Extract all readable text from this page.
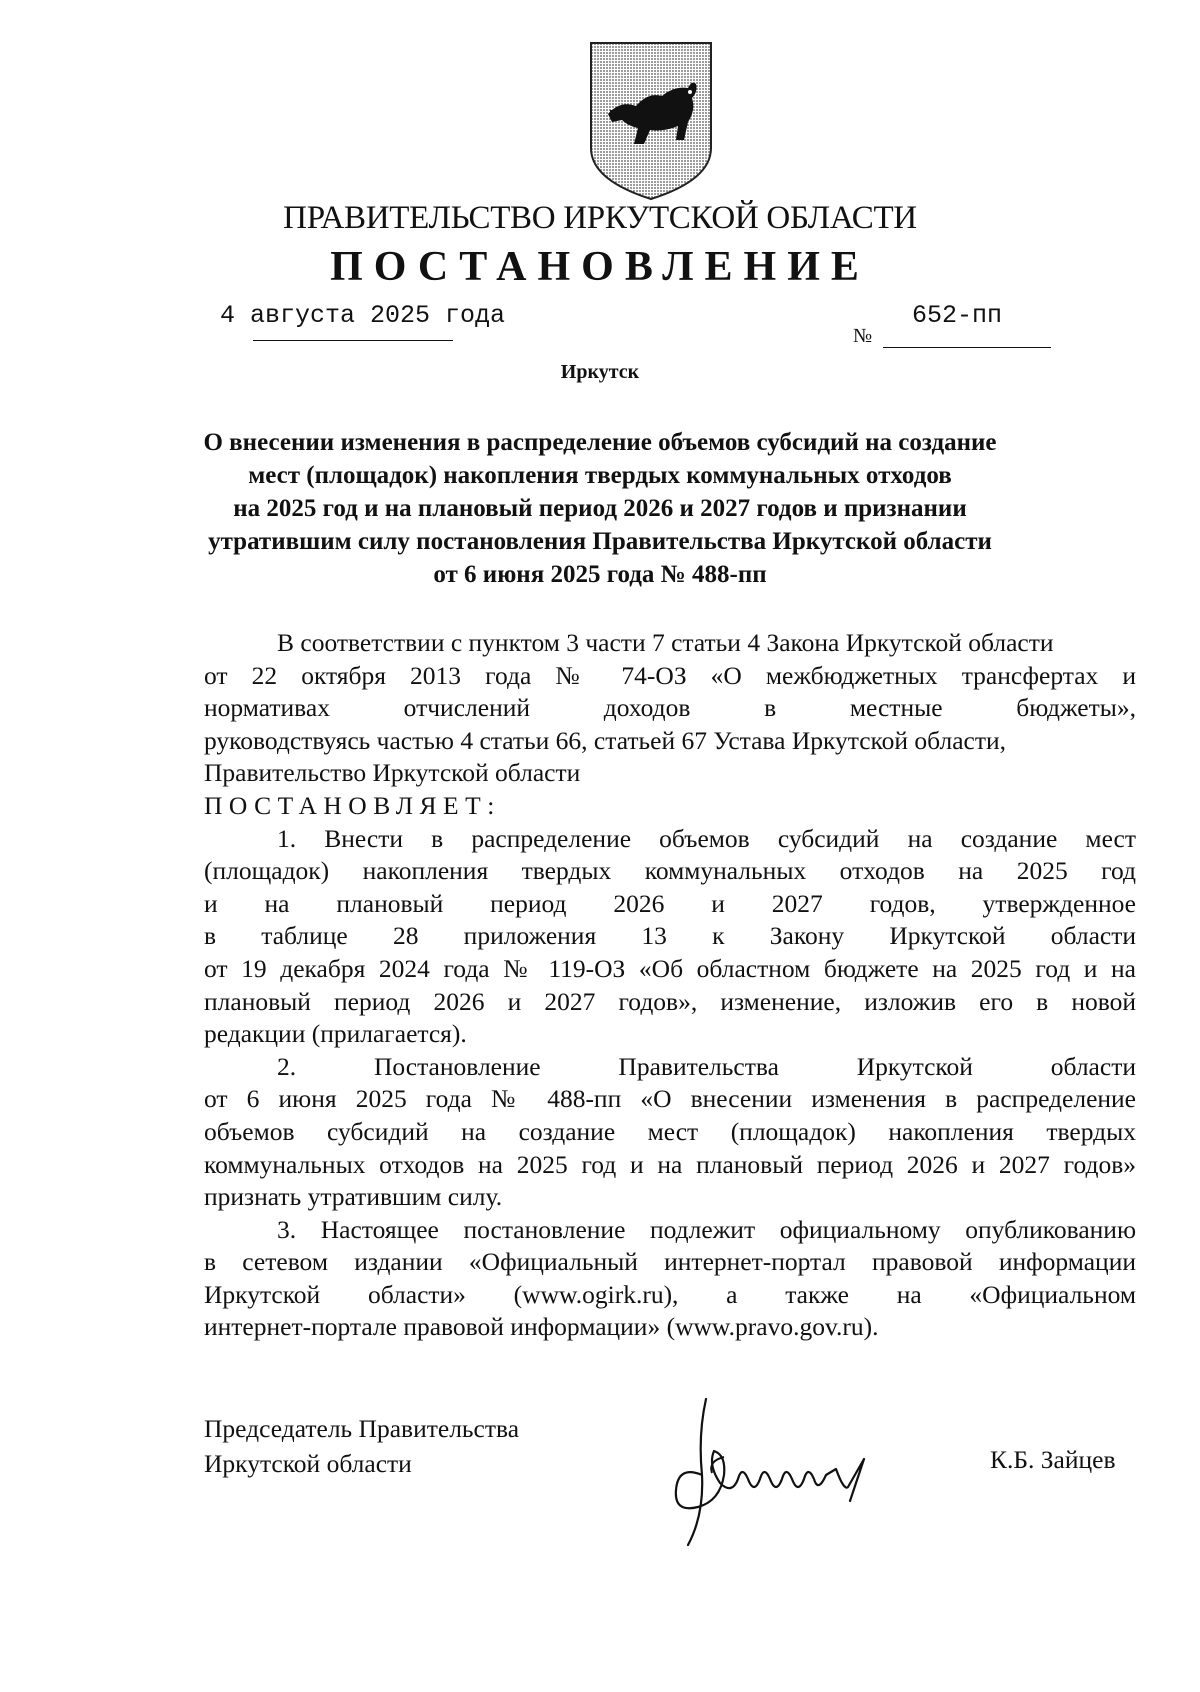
ПРАВИТЕЛЬСТВО ИРКУТСКОЙ ОБЛАСТИ
ПОСТАНОВЛЕНИЕ
4 августа 2025 года
№
652-пп
Иркутск
О внесении изменения в распределение объемов субсидий на создание
мест (площадок) накопления твердых коммунальных отходов
на 2025 год и на плановый период 2026 и 2027 годов и признании
утратившим силу постановления Правительства Иркутской области
от 6 июня 2025 года № 488-пп
В соответствии с пунктом 3 части 7 статьи 4 Закона Иркутской области
от 22 октября 2013 года № 74-ОЗ «О межбюджетных трансфертах и
нормативах отчислений доходов в местные бюджеты»,
руководствуясь частью 4 статьи 66, статьей 67 Устава Иркутской области,
Правительство Иркутской области
ПОСТАНОВЛЯЕТ:
1. Внести в распределение объемов субсидий на создание мест
(площадок) накопления твердых коммунальных отходов на 2025 год
и на плановый период 2026 и 2027 годов, утвержденное
в таблице 28 приложения 13 к Закону Иркутской области
от 19 декабря 2024 года № 119-ОЗ «Об областном бюджете на 2025 год и на
плановый период 2026 и 2027 годов», изменение, изложив его в новой
редакции (прилагается).
2. Постановление Правительства Иркутской области
от 6 июня 2025 года № 488-пп «О внесении изменения в распределение
объемов субсидий на создание мест (площадок) накопления твердых
коммунальных отходов на 2025 год и на плановый период 2026 и 2027 годов»
признать утратившим силу.
3. Настоящее постановление подлежит официальному опубликованию
в сетевом издании «Официальный интернет-портал правовой информации
Иркутской области» (www.ogirk.ru), а также на «Официальном
интернет-портале правовой информации» (www.pravo.gov.ru).
Председатель Правительства
Иркутской области	К.Б. Зайцев
